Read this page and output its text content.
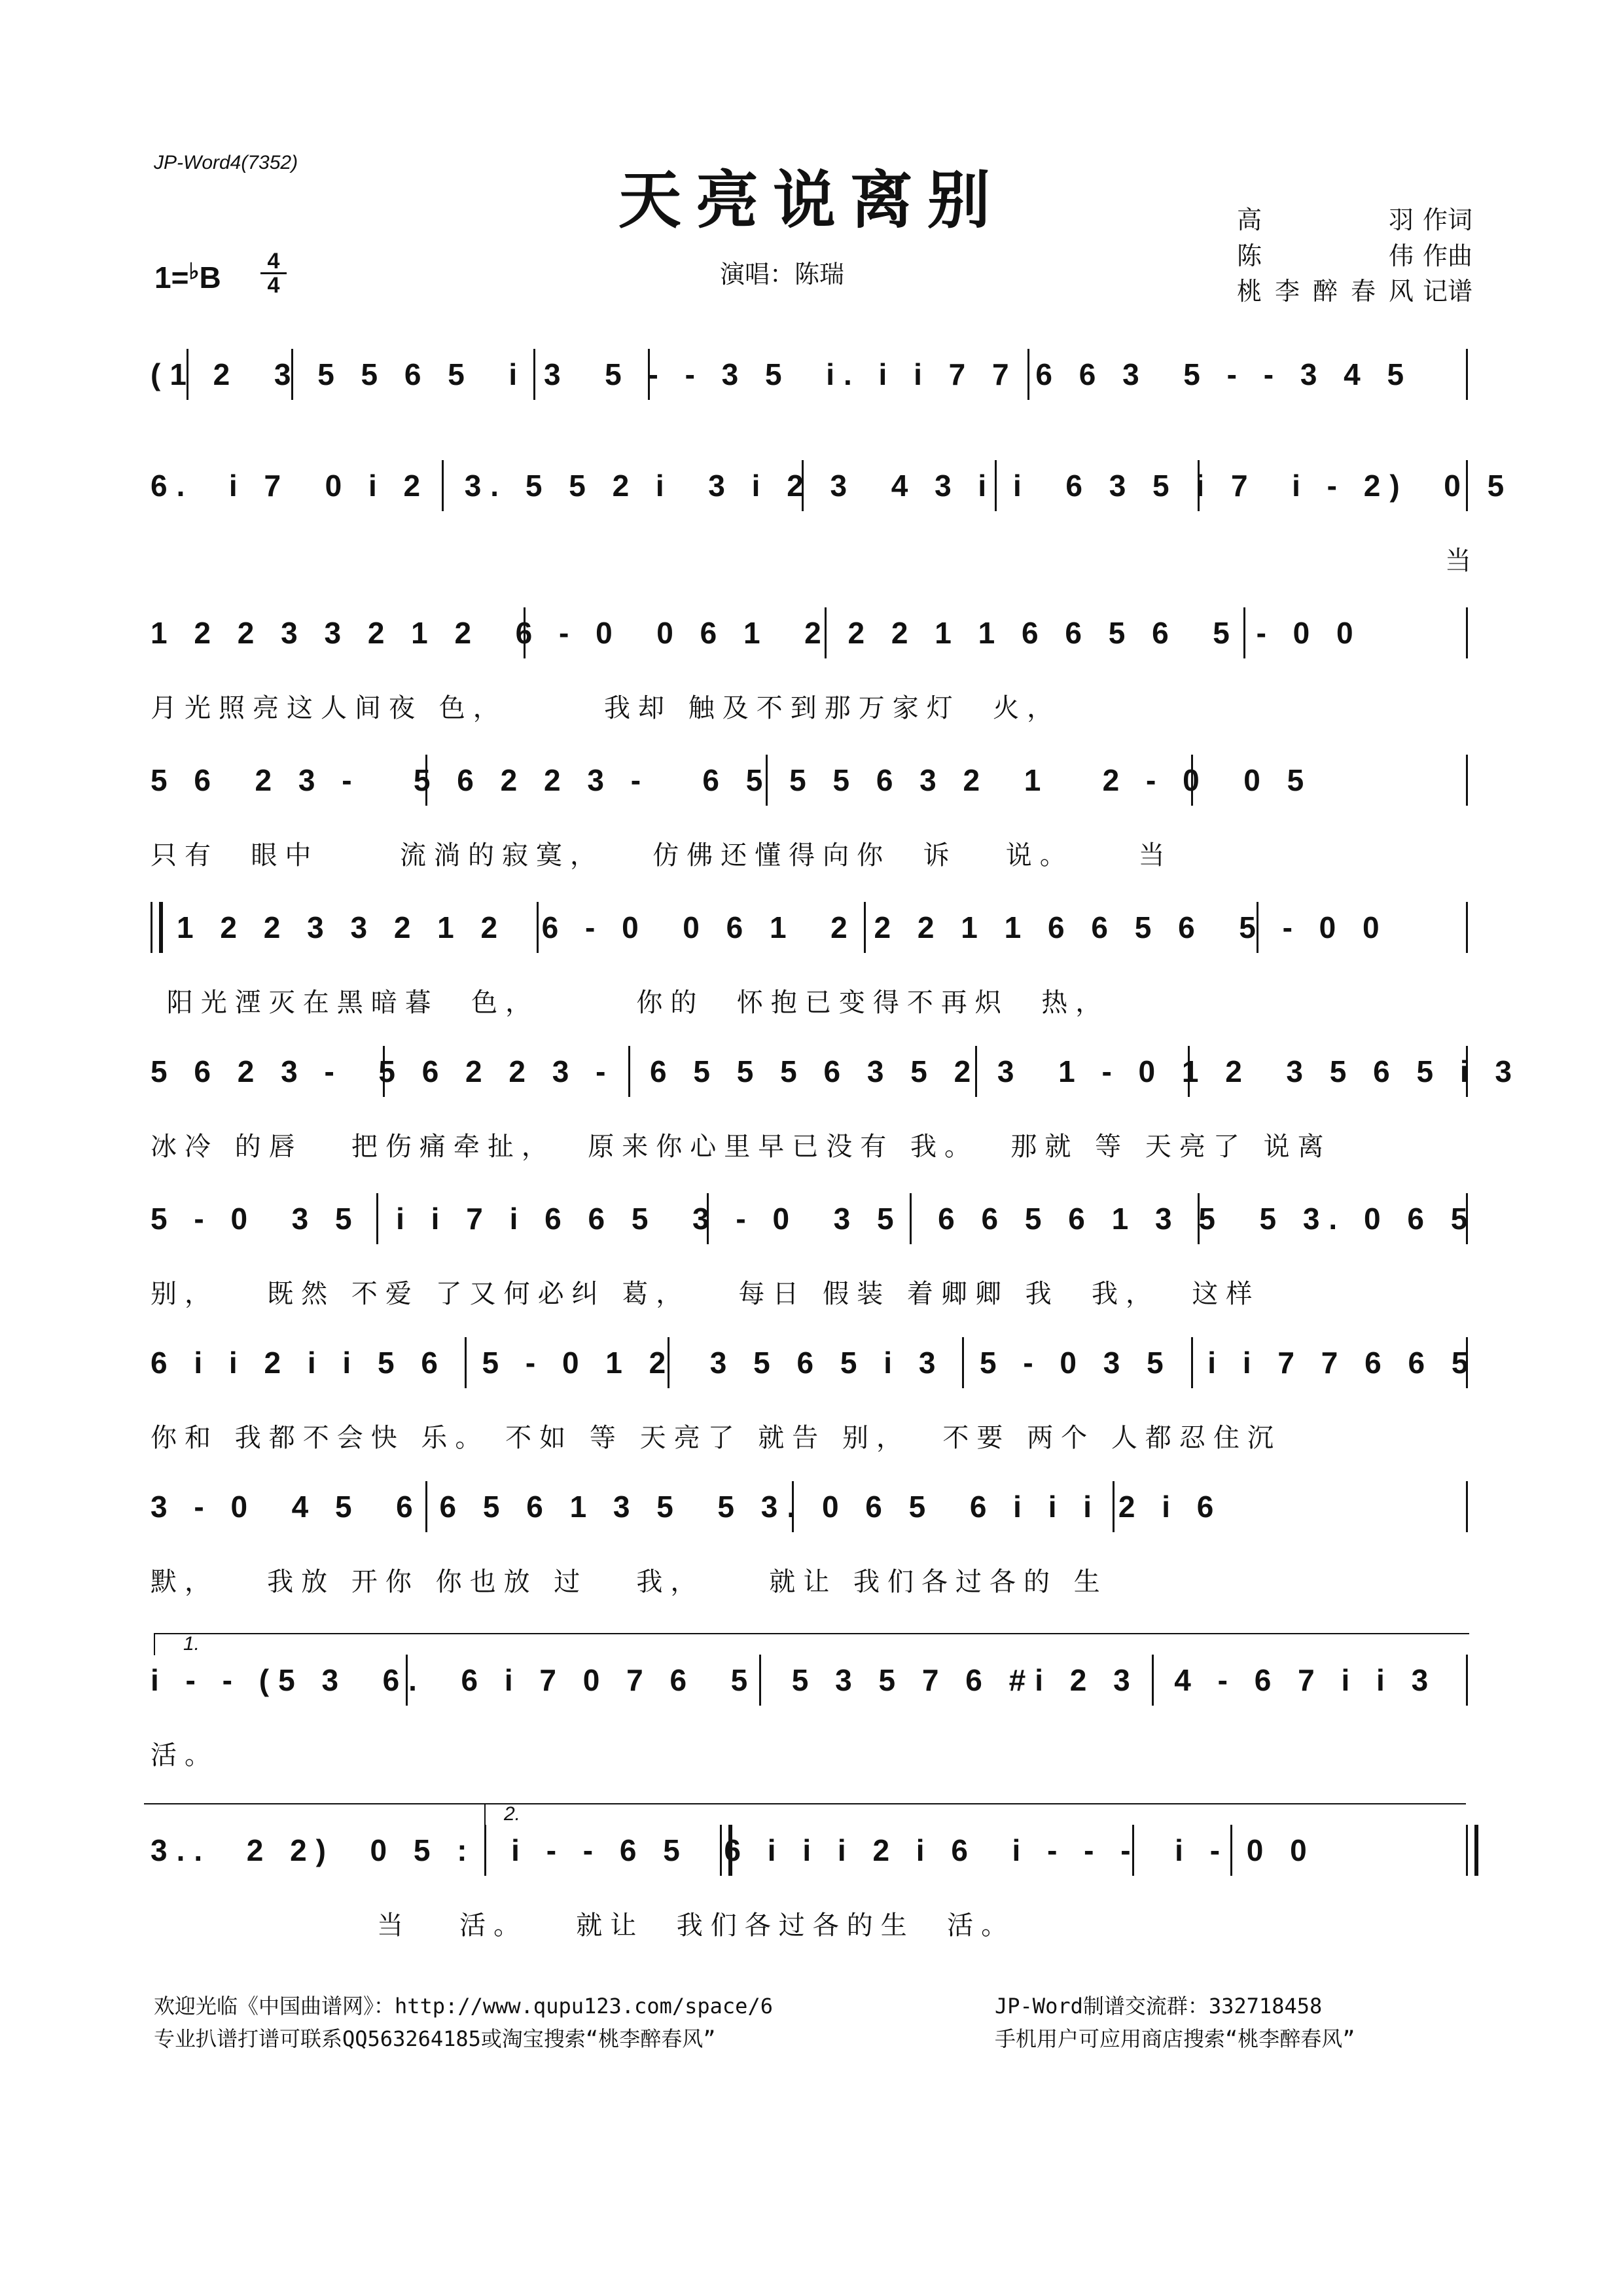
JP-Word4(7352)
天亮说离别
演唱：陈瑞
高羽 作词
陈伟 作曲
桃李醉春风 记谱
1=♭B	4
4
(1 2  3 5 5 6 5  i 3  5 - - 3 5  i. i i 7 7 6 6 3  5 - - 3 4 5
6.  i 7  0 i 2  3. 5 5 2 i  3 i 2 3  4 3 i i  6 3 5 i 7  i - 2)  0 5
当
1 2 2 3 3 2 1 2  6 - 0  0 6 1  2 2 2 1 1 6 6 5 6  5 - 0 0
月光照亮这人间夜 色，      我却 触及不到那万家灯  火，
5 6  2 3 -   5 6 2 2 3 -   6 5 5 5 6 3 2  1   2 - 0  0 5
只有  眼中     流淌的寂寞，   仿佛还懂得向你  诉   说。    当
1 2 2 3 3 2 1 2  6 - 0  0 6 1  2 2 2 1 1 6 6 5 6  5 - 0 0
阳光湮灭在黑暗暮  色，      你的  怀抱已变得不再炽  热，
5 6 2 3 -  5 6 2 2 3 -  6 5 5 5 6 3 5 2 3  1 - 0 1 2  3 5 6 5 i 3
冰冷 的唇   把伤痛牵扯，  原来你心里早已没有 我。  那就 等 天亮了 说离
5 - 0  3 5  i i 7 i 6 6 5  3 - 0  3 5  6 6 5 6 1 3 5  5 3. 0 6 5
别，   既然 不爱 了又何必纠 葛，   每日 假装 着卿卿 我  我，  这样
6 i i 2 i i 5 6  5 - 0 1 2  3 5 6 5 i 3  5 - 0 3 5  i i 7 7 6 6 5
你和 我都不会快 乐。 不如 等 天亮了 就告 别，  不要 两个 人都忍住沉
3 - 0  4 5  6 6 5 6 1 3 5  5 3. 0 6 5  6 i i i 2 i 6
默，   我放 开你 你也放 过   我，    就让 我们各过各的 生
i - - (5 3  6.  6 i 7 0 7 6  5  5 3 5 7 6 #i 2 3  4 - 6 7 i i 3
活。
1.
3..  2 2)  0 5 :  i - - 6 5  6 i i i 2 i 6  i - - -  i - 0 0
当   活。   就让  我们各过各的生  活。
2.
欢迎光临《中国曲谱网》：http://www.qupu123.com/space/6
专业扒谱打谱可联系QQ563264185或淘宝搜索“桃李醉春风”
JP-Word制谱交流群：332718458
手机用户可应用商店搜索“桃李醉春风”
